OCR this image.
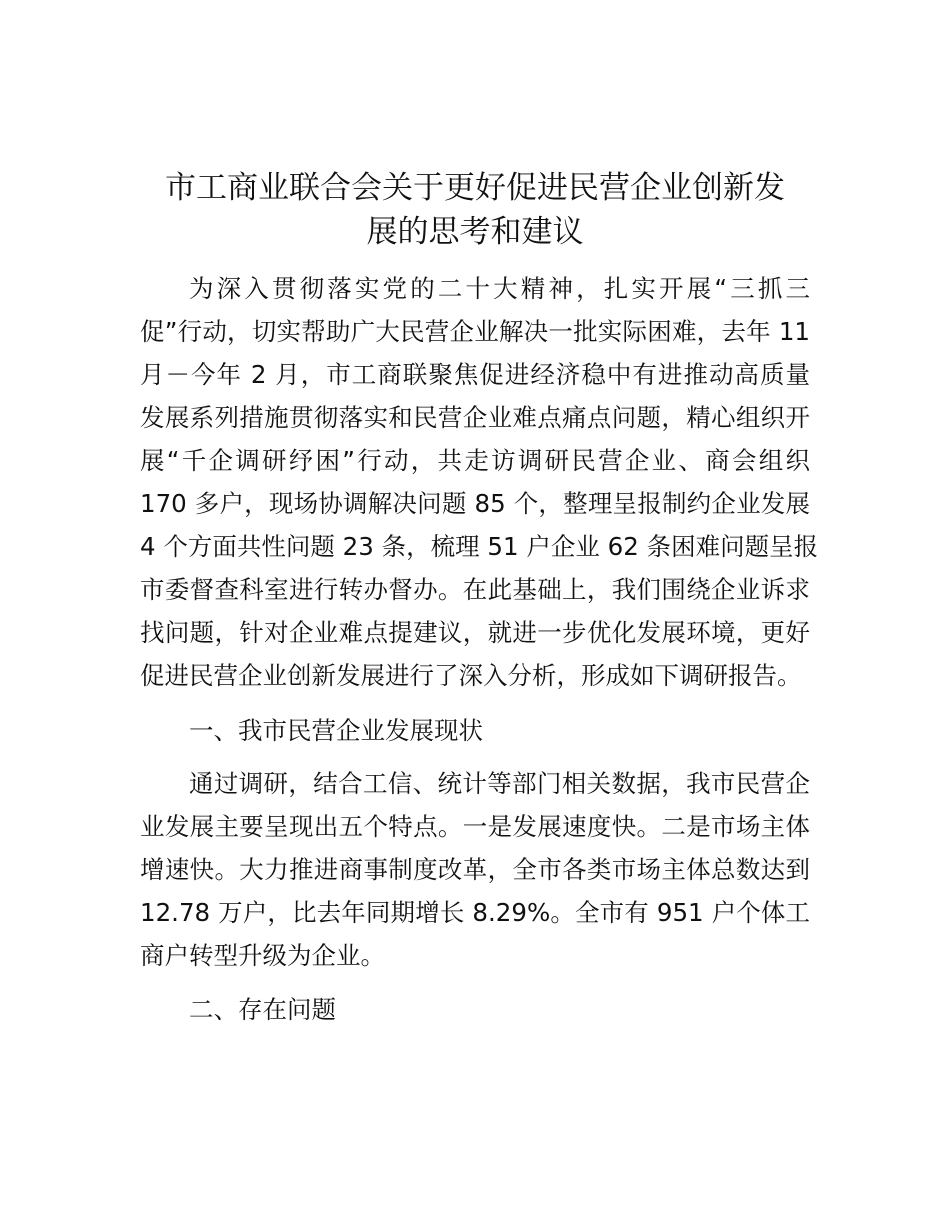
市工商业联合会关于更好促进民营企业创新发
展的思考和建议

为深入贯彻落实党的二十大精神，扎实开展“三抓三

促”行动，切实帮助广大民营企业解决一批实际困难，去年 11

月－今年 2 月，市工商联聚焦促进经济稳中有进推动高质量

发展系列措施贯彻落实和民营企业难点痛点问题，精心组织开

展“千企调研纾困”行动，共走访调研民营企业、商会组织

170 多户，现场协调解决问题 85 个，整理呈报制约企业发展

4 个方面共性问题 23 条，梳理 51 户企业 62 条困难问题呈报

市委督查科室进行转办督办。在此基础上，我们围绕企业诉求

找问题，针对企业难点提建议，就进一步优化发展环境，更好

促进民营企业创新发展进行了深入分析，形成如下调研报告。

一、我市民营企业发展现状

通过调研，结合工信、统计等部门相关数据，我市民营企

业发展主要呈现出五个特点。一是发展速度快。二是市场主体

增速快。大力推进商事制度改革，全市各类市场主体总数达到

12.78 万户，比去年同期增长 8.29%。全市有 951 户个体工

商户转型升级为企业。

二、存在问题
